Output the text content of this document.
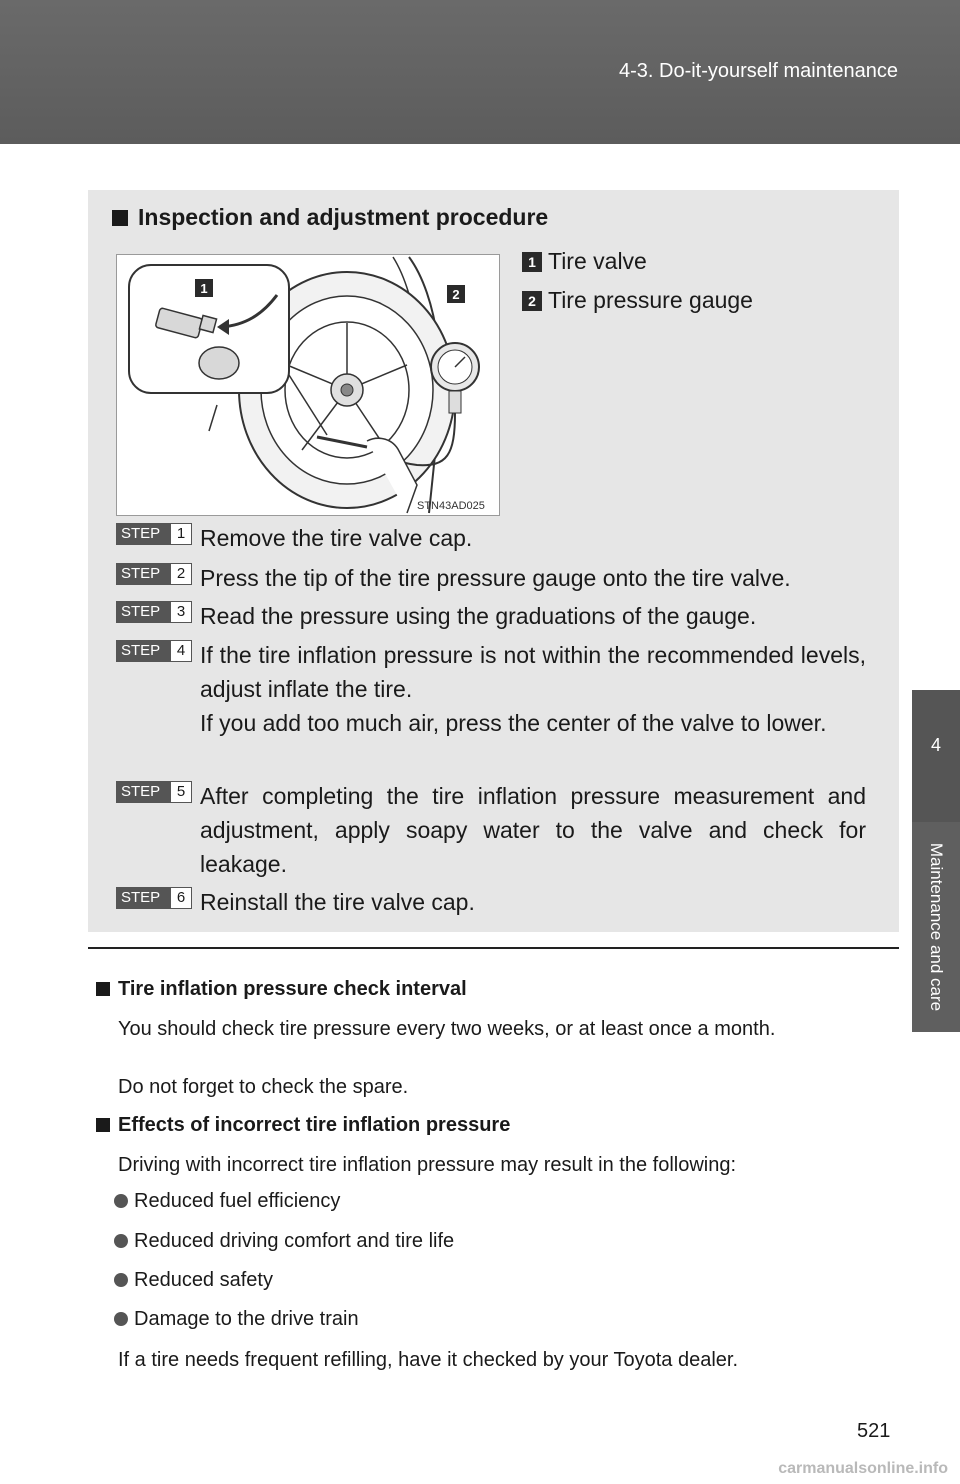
4-3. Do-it-yourself maintenance
4
Maintenance and care
Inspection and adjustment procedure
1	2
STN43AD025
1 Tire valve
2 Tire pressure gauge
STEP	1 Remove the tire valve cap.

STEP	2 Press the tip of the tire pressure gauge onto the tire valve.

STEP	3 Read the pressure using the graduations of the gauge.

STEP	4 If the tire inflation pressure is not within the recommended levels, adjust inflate the tire.

If you add too much air, press the center of the valve to lower.

STEP	5 After completing the tire inflation pressure measurement and adjustment, apply soapy water to the valve and check for leakage.

STEP	6 Reinstall the tire valve cap.

Tire inflation pressure check interval
You should check tire pressure every two weeks, or at least once a month.
Do not forget to check the spare.
Effects of incorrect tire inflation pressure
Driving with incorrect tire inflation pressure may result in the following:
Reduced fuel efficiency
Reduced driving comfort and tire life
Reduced safety
Damage to the drive train
If a tire needs frequent refilling, have it checked by your Toyota dealer.
521
carmanualsonline.info
